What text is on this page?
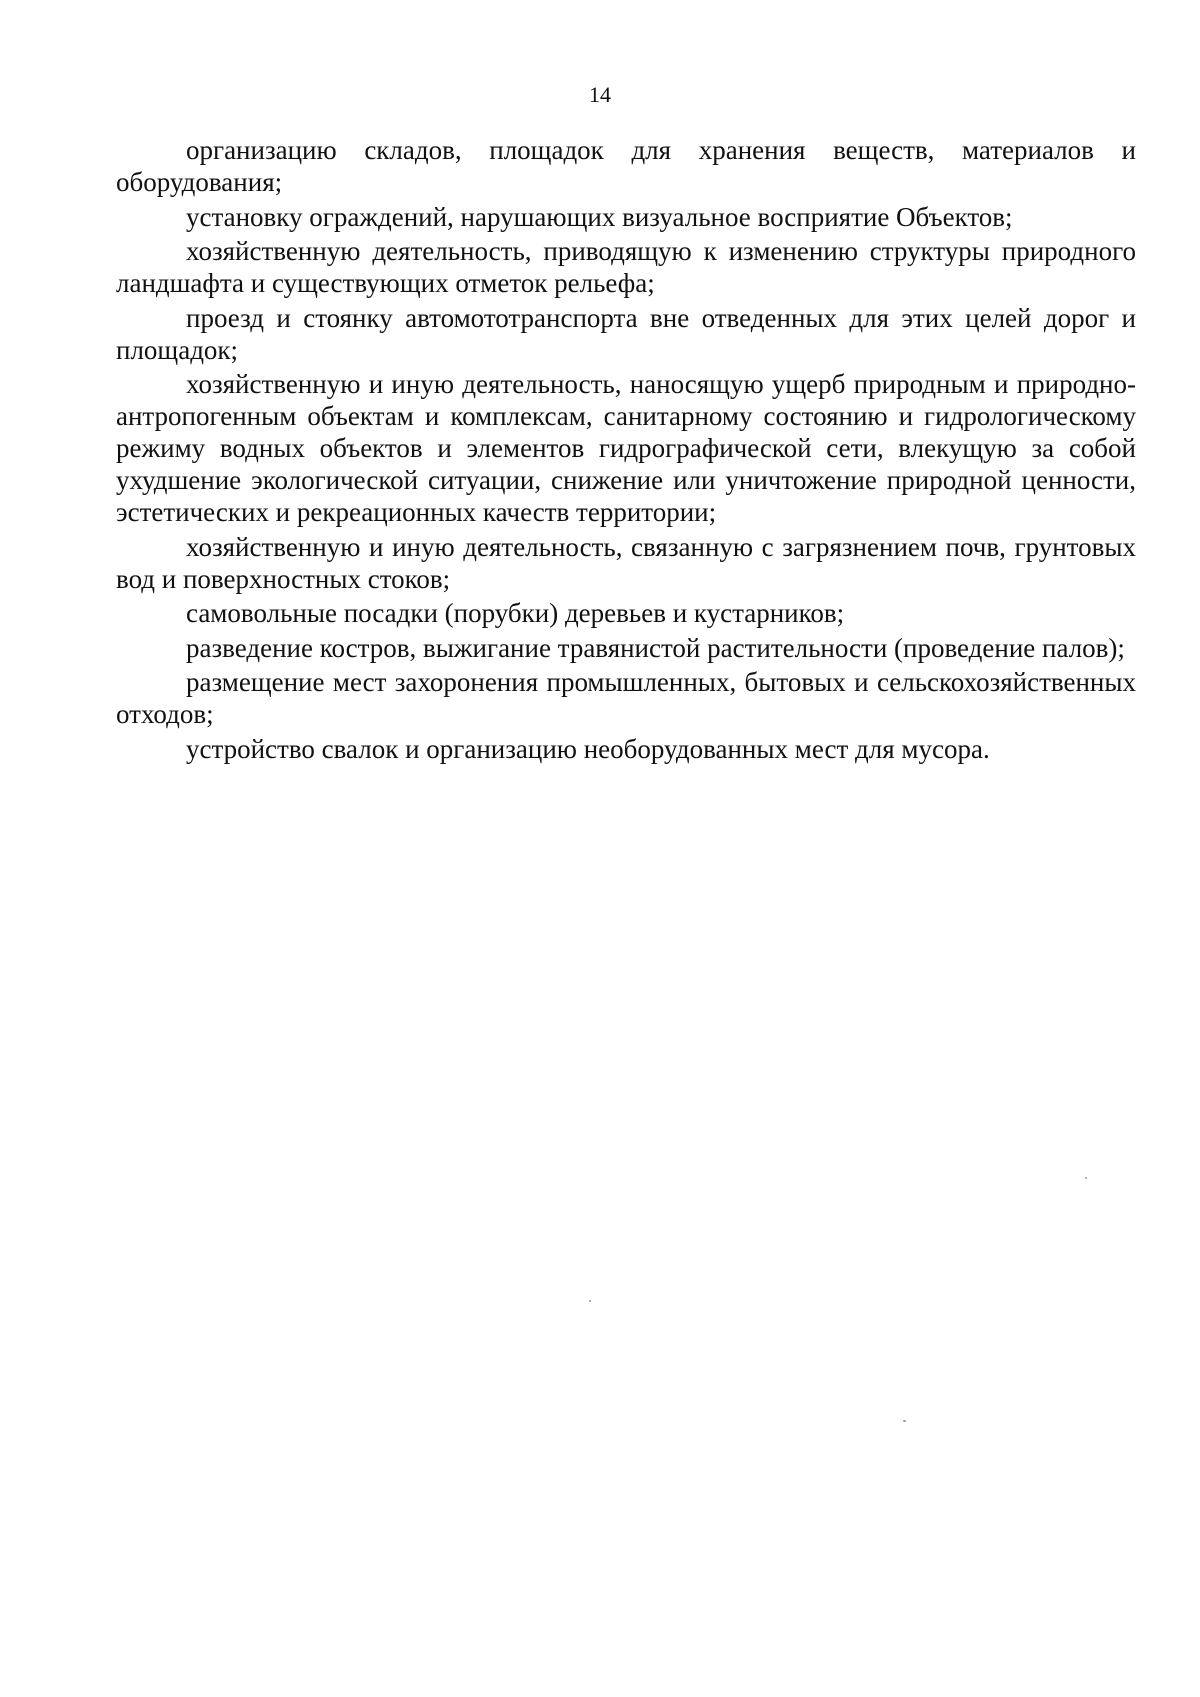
14

организацию складов, площадок для хранения веществ, материалов и оборудования;

установку ограждений, нарушающих визуальное восприятие Объектов;

хозяйственную деятельность, приводящую к изменению структуры природного ландшафта и существующих отметок рельефа;

проезд и стоянку автомототранспорта вне отведенных для этих целей дорог и площадок;

хозяйственную и иную деятельность, наносящую ущерб природным и природно-антропогенным объектам и комплексам, санитарному состоянию и гидрологическому режиму водных объектов и элементов гидрографической сети, влекущую за собой ухудшение экологической ситуации, снижение или уничтожение природной ценности, эстетических и рекреационных качеств территории;

хозяйственную и иную деятельность, связанную с загрязнением почв, грунтовых вод и поверхностных стоков;

самовольные посадки (порубки) деревьев и кустарников;

разведение костров, выжигание травянистой растительности (проведение палов);

размещение мест захоронения промышленных, бытовых и сельскохозяйственных отходов;

устройство свалок и организацию необорудованных мест для мусора.
